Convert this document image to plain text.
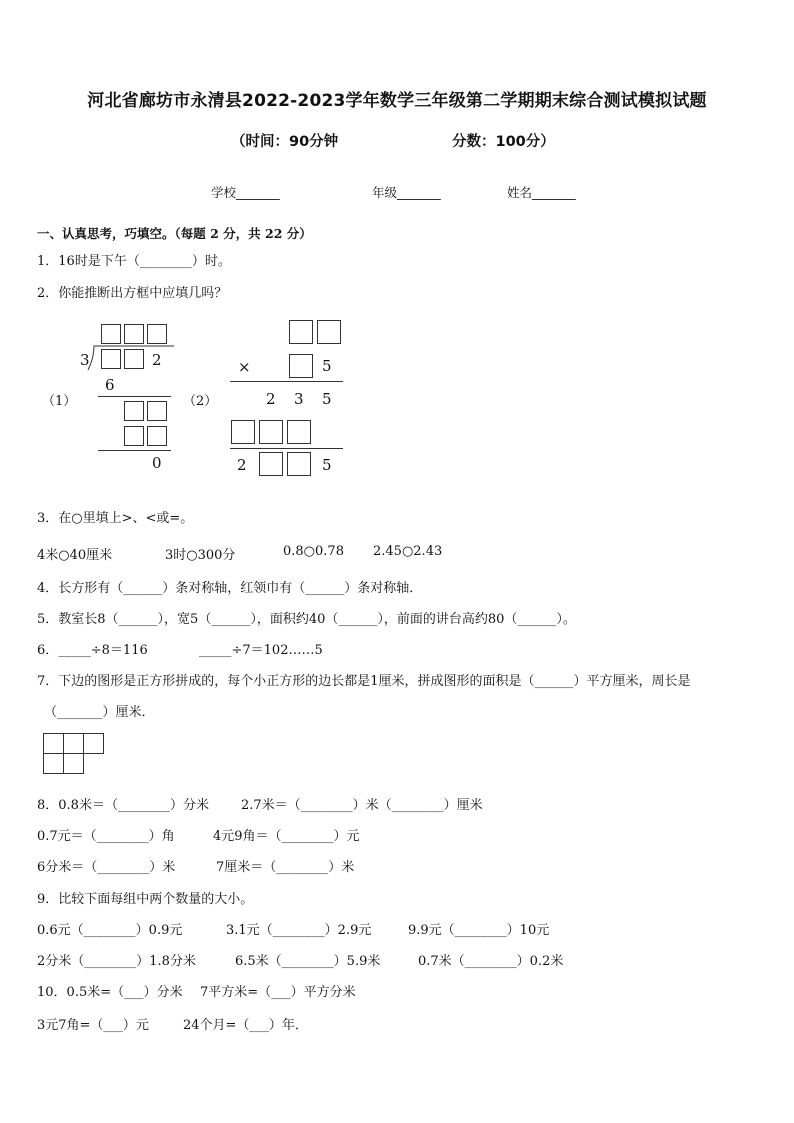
河北省廊坊市永清县2022-2023学年数学三年级第二学期期末综合测试模拟试题
（时间：90分钟	分数：100分）
学校_______	年级_______	姓名_______
一、认真思考，巧填空。（每题 2 分，共 22 分）
1．16时是下午（________）时。
2．你能推断出方框中应填几吗？
（1）
3	2
6
0
（2）
×	5
2 3 5
2	5
3．在○里填上>、<或=。
4米○40厘米	3时○300分	0.8○0.78 2.45○2.43
4．长方形有（______）条对称轴，红领巾有（______）条对称轴．
5．教室长8（______），宽5（______），面积约40（______），前面的讲台高约80（______）。
6．_____÷8＝116	_____÷7＝102……5
7．下边的图形是正方形拼成的，每个小正方形的边长都是1厘米，拼成图形的面积是（______）平方厘米，周长是
（_______）厘米．
8．0.8米＝（________）分米 2.7米＝（________）米（________）厘米
0.7元＝（________）角	4元9角＝（________）元
6分米＝（________）米	7厘米＝（________）米
9．比较下面每组中两个数量的大小。
0.6元（________）0.9元	3.1元（________）2.9元	9.9元（________）10元
2分米（________）1.8分米	6.5米（________）5.9米	0.7米（________）0.2米
10．0.5米=（___）分米 7平方米=（___）平方分米
3元7角=（___）元	24个月=（___）年．
